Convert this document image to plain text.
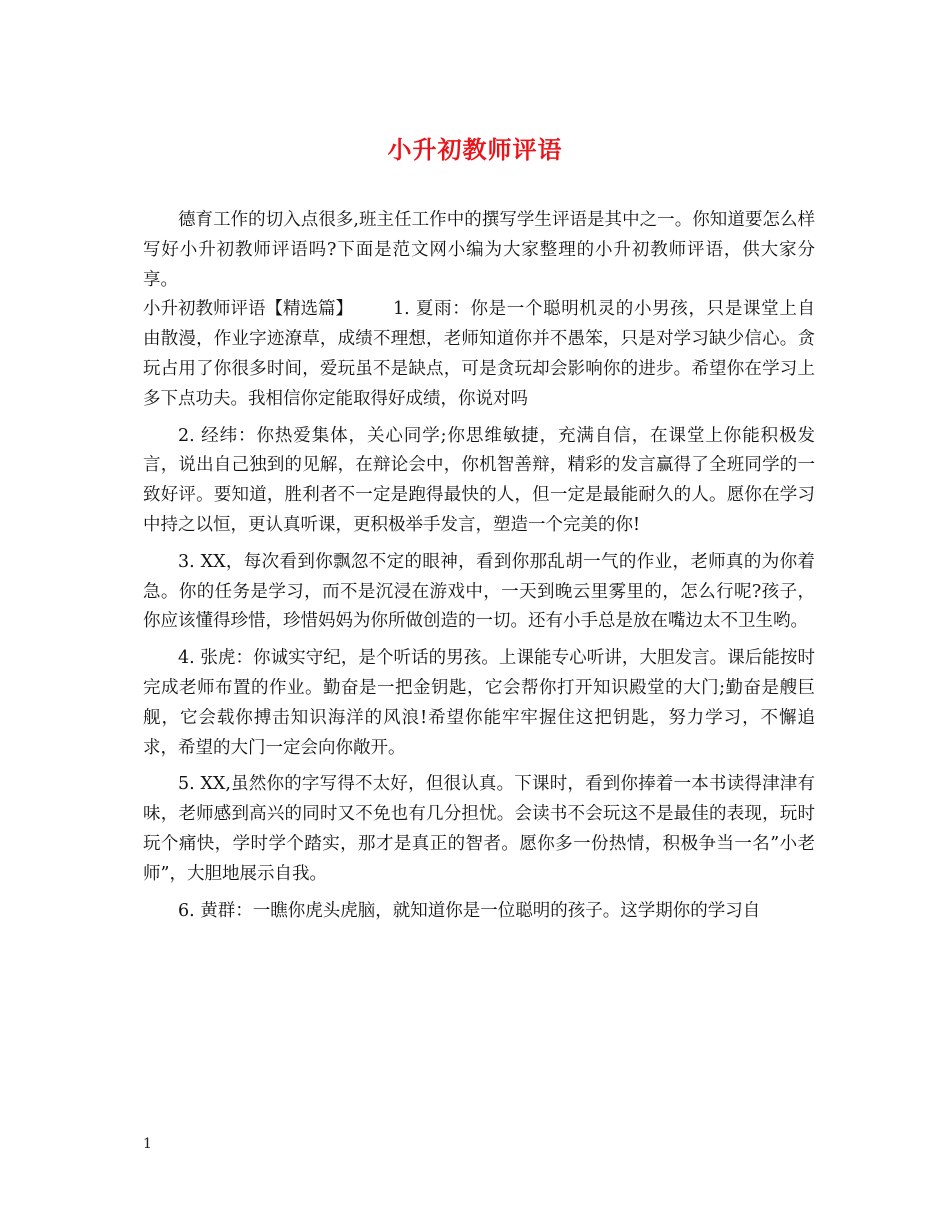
小升初教师评语

德育工作的切入点很多,班主任工作中的撰写学生评语是其中之一。你知道要怎么样写好小升初教师评语吗?下面是范文网小编为大家整理的小升初教师评语，供大家分享。

小升初教师评语【精选篇】 1. 夏雨：你是一个聪明机灵的小男孩，只是课堂上自由散漫，作业字迹潦草，成绩不理想，老师知道你并不愚笨，只是对学习缺少信心。贪玩占用了你很多时间，爱玩虽不是缺点，可是贪玩却会影响你的进步。希望你在学习上多下点功夫。我相信你定能取得好成绩，你说对吗

2. 经纬：你热爱集体，关心同学;你思维敏捷，充满自信，在课堂上你能积极发言，说出自己独到的见解，在辩论会中，你机智善辩，精彩的发言赢得了全班同学的一致好评。要知道，胜利者不一定是跑得最快的人，但一定是最能耐久的人。愿你在学习中持之以恒，更认真听课，更积极举手发言，塑造一个完美的你!

3. XX，每次看到你飘忽不定的眼神，看到你那乱胡一气的作业，老师真的为你着急。你的任务是学习，而不是沉浸在游戏中，一天到晚云里雾里的，怎么行呢?孩子，你应该懂得珍惜，珍惜妈妈为你所做创造的一切。还有小手总是放在嘴边太不卫生哟。

4. 张虎：你诚实守纪，是个听话的男孩。上课能专心听讲，大胆发言。课后能按时完成老师布置的作业。勤奋是一把金钥匙，它会帮你打开知识殿堂的大门;勤奋是艘巨舰，它会载你搏击知识海洋的风浪!希望你能牢牢握住这把钥匙，努力学习，不懈追求，希望的大门一定会向你敞开。

5. XX,虽然你的字写得不太好，但很认真。下课时，看到你捧着一本书读得津津有味，老师感到高兴的同时又不免也有几分担忧。会读书不会玩这不是最佳的表现，玩时玩个痛快，学时学个踏实，那才是真正的智者。愿你多一份热情，积极争当一名”小老师”，大胆地展示自我。

6. 黄群：一瞧你虎头虎脑，就知道你是一位聪明的孩子。这学期你的学习自

1
